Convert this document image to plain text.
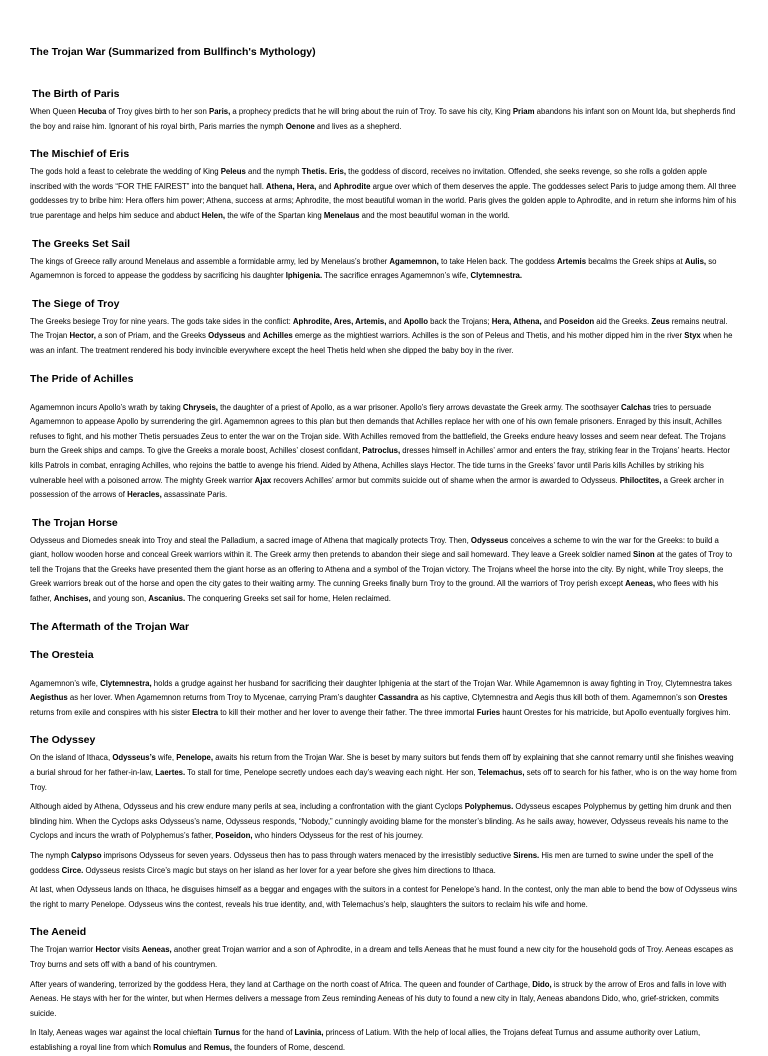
The Trojan War (Summarized from Bullfinch's Mythology)
The Birth of Paris

When Queen Hecuba of Troy gives birth to her son Paris, a prophecy predicts that he will bring about the ruin of Troy. To save his city, King Priam abandons his infant son on Mount Ida, but shepherds find the boy and raise him. Ignorant of his royal birth, Paris marries the nymph Oenone and lives as a shepherd.

The Mischief of Eris

The gods hold a feast to celebrate the wedding of King Peleus and the nymph Thetis. Eris, the goddess of discord, receives no invitation. Offended, she seeks revenge, so she rolls a golden apple inscribed with the words “FOR THE FAIREST” into the banquet hall. Athena, Hera, and Aphrodite argue over which of them deserves the apple. The goddesses select Paris to judge among them. All three goddesses try to bribe him: Hera offers him power; Athena, success at arms; Aphrodite, the most beautiful woman in the world. Paris gives the golden apple to Aphrodite, and in return she informs him of his true parentage and helps him seduce and abduct Helen, the wife of the Spartan king Menelaus and the most beautiful woman in the world.

The Greeks Set Sail

The kings of Greece rally around Menelaus and assemble a formidable army, led by Menelaus’s brother Agamemnon, to take Helen back. The goddess Artemis becalms the Greek ships at Aulis, so Agamemnon is forced to appease the goddess by sacrificing his daughter Iphigenia. The sacrifice enrages Agamemnon’s wife, Clytemnestra.

The Siege of Troy

The Greeks besiege Troy for nine years. The gods take sides in the conflict: Aphrodite, Ares, Artemis, and Apollo back the Trojans; Hera, Athena, and Poseidon aid the Greeks. Zeus remains neutral. The Trojan Hector, a son of Priam, and the Greeks Odysseus and Achilles emerge as the mightiest warriors. Achilles is the son of Peleus and Thetis, and his mother dipped him in the river Styx when he was an infant. The treatment rendered his body invincible everywhere except the heel Thetis held when she dipped the baby boy in the river.

The Pride of Achilles

Agamemnon incurs Apollo’s wrath by taking Chryseis, the daughter of a priest of Apollo, as a war prisoner. Apollo’s fiery arrows devastate the Greek army. The soothsayer Calchas tries to persuade Agamemnon to appease Apollo by surrendering the girl. Agamemnon agrees to this plan but then demands that Achilles replace her with one of his own female prisoners. Enraged by this insult, Achilles refuses to fight, and his mother Thetis persuades Zeus to enter the war on the Trojan side. With Achilles removed from the battlefield, the Greeks endure heavy losses and seem near defeat. The Trojans burn the Greek ships and camps. To give the Greeks a morale boost, Achilles’ closest confidant, Patroclus, dresses himself in Achilles’ armor and enters the fray, striking fear in the Trojans’ hearts. Hector kills Patrols in combat, enraging Achilles, who rejoins the battle to avenge his friend. Aided by Athena, Achilles slays Hector. The tide turns in the Greeks’ favor until Paris kills Achilles by striking his vulnerable heel with a poisoned arrow. The mighty Greek warrior Ajax recovers Achilles’ armor but commits suicide out of shame when the armor is awarded to Odysseus. Philoctites, a Greek archer in possession of the arrows of Heracles, assassinate Paris.

The Trojan Horse

Odysseus and Diomedes sneak into Troy and steal the Palladium, a sacred image of Athena that magically protects Troy. Then, Odysseus conceives a scheme to win the war for the Greeks: to build a giant, hollow wooden horse and conceal Greek warriors within it. The Greek army then pretends to abandon their siege and sail homeward. They leave a Greek soldier named Sinon at the gates of Troy to tell the Trojans that the Greeks have presented them the giant horse as an offering to Athena and a symbol of the Trojan victory. The Trojans wheel the horse into the city. By night, while Troy sleeps, the Greek warriors break out of the horse and open the city gates to their waiting army. The cunning Greeks finally burn Troy to the ground. All the warriors of Troy perish except Aeneas, who flees with his father, Anchises, and young son, Ascanius. The conquering Greeks set sail for home, Helen reclaimed.

The Aftermath of the Trojan War
The Oresteia

Agamemnon’s wife, Clytemnestra, holds a grudge against her husband for sacrificing their daughter Iphigenia at the start of the Trojan War. While Agamemnon is away fighting in Troy, Clytemnestra takes Aegisthus as her lover. When Agamemnon returns from Troy to Mycenae, carrying Pram’s daughter Cassandra as his captive, Clytemnestra and Aegis thus kill both of them. Agamemnon’s son Orestes returns from exile and conspires with his sister Electra to kill their mother and her lover to avenge their father. The three immortal Furies haunt Orestes for his matricide, but Apollo eventually forgives him.

The Odyssey

On the island of Ithaca, Odysseus’s wife, Penelope, awaits his return from the Trojan War. She is beset by many suitors but fends them off by explaining that she cannot remarry until she finishes weaving a burial shroud for her father-in-law, Laertes. To stall for time, Penelope secretly undoes each day’s weaving each night. Her son, Telemachus, sets off to search for his father, who is on the way home from Troy.

Although aided by Athena, Odysseus and his crew endure many perils at sea, including a confrontation with the giant Cyclops Polyphemus. Odysseus escapes Polyphemus by getting him drunk and then blinding him. When the Cyclops asks Odysseus’s name, Odysseus responds, “Nobody,” cunningly avoiding blame for the monster’s blinding. As he sails away, however, Odysseus reveals his name to the Cyclops and incurs the wrath of Polyphemus’s father, Poseidon, who hinders Odysseus for the rest of his journey.

The nymph Calypso imprisons Odysseus for seven years. Odysseus then has to pass through waters menaced by the irresistibly seductive Sirens. His men are turned to swine under the spell of the goddess Circe. Odysseus resists Circe’s magic but stays on her island as her lover for a year before she gives him directions to Ithaca.

At last, when Odysseus lands on Ithaca, he disguises himself as a beggar and engages with the suitors in a contest for Penelope’s hand. In the contest, only the man able to bend the bow of Odysseus wins the right to marry Penelope. Odysseus wins the contest, reveals his true identity, and, with Telemachus’s help, slaughters the suitors to reclaim his wife and home.

The Aeneid

The Trojan warrior Hector visits Aeneas, another great Trojan warrior and a son of Aphrodite, in a dream and tells Aeneas that he must found a new city for the household gods of Troy. Aeneas escapes as Troy burns and sets off with a band of his countrymen.

After years of wandering, terrorized by the goddess Hera, they land at Carthage on the north coast of Africa. The queen and founder of Carthage, Dido, is struck by the arrow of Eros and falls in love with Aeneas. He stays with her for the winter, but when Hermes delivers a message from Zeus reminding Aeneas of his duty to found a new city in Italy, Aeneas abandons Dido, who, grief-stricken, commits suicide.

In Italy, Aeneas wages war against the local chieftain Turnus for the hand of Lavinia, princess of Latium. With the help of local allies, the Trojans defeat Turnus and assume authority over Latium, establishing a royal line from which Romulus and Remus, the founders of Rome, descend.
